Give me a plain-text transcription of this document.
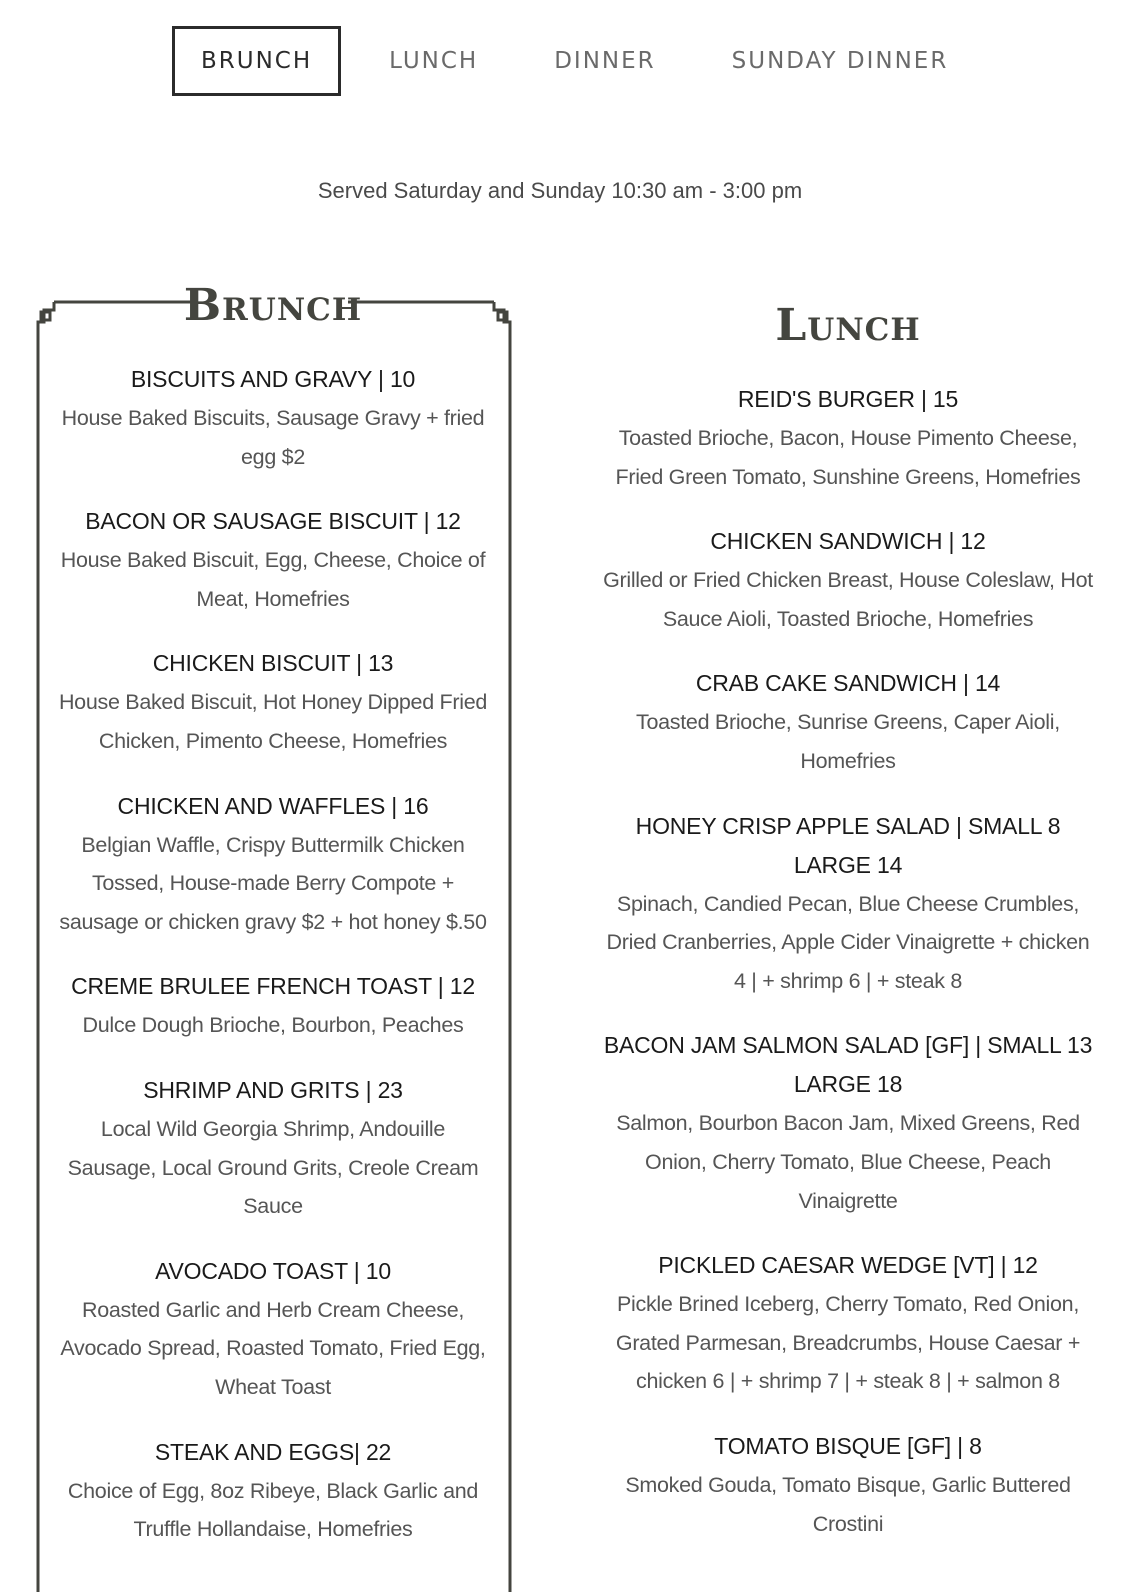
BRUNCH	LUNCH	DINNER	SUNDAY DINNER
Served Saturday and Sunday 10:30 am - 3:00 pm
Brunch
BISCUITS AND GRAVY | 10
House Baked Biscuits, Sausage Gravy + fried egg $2
BACON OR SAUSAGE BISCUIT | 12
House Baked Biscuit, Egg, Cheese, Choice of Meat, Homefries
CHICKEN BISCUIT | 13
House Baked Biscuit, Hot Honey Dipped Fried Chicken, Pimento Cheese, Homefries
CHICKEN AND WAFFLES | 16
Belgian Waffle, Crispy Buttermilk Chicken Tossed, House-made Berry Compote + sausage or chicken gravy $2 + hot honey $.50
CREME BRULEE FRENCH TOAST | 12
Dulce Dough Brioche, Bourbon, Peaches
SHRIMP AND GRITS | 23
Local Wild Georgia Shrimp, Andouille Sausage, Local Ground Grits, Creole Cream Sauce
AVOCADO TOAST | 10
Roasted Garlic and Herb Cream Cheese, Avocado Spread, Roasted Tomato, Fried Egg, Wheat Toast
STEAK AND EGGS| 22
Choice of Egg, 8oz Ribeye, Black Garlic and Truffle Hollandaise, Homefries
Lunch
REID'S BURGER | 15
Toasted Brioche, Bacon, House Pimento Cheese, Fried Green Tomato, Sunshine Greens, Homefries
CHICKEN SANDWICH | 12
Grilled or Fried Chicken Breast, House Coleslaw, Hot Sauce Aioli, Toasted Brioche, Homefries
CRAB CAKE SANDWICH | 14
Toasted Brioche, Sunrise Greens, Caper Aioli, Homefries
HONEY CRISP APPLE SALAD | SMALL 8 LARGE 14
Spinach, Candied Pecan, Blue Cheese Crumbles, Dried Cranberries, Apple Cider Vinaigrette + chicken 4 | + shrimp 6 | + steak 8
BACON JAM SALMON SALAD [GF] | SMALL 13 LARGE 18
Salmon, Bourbon Bacon Jam, Mixed Greens, Red Onion, Cherry Tomato, Blue Cheese, Peach Vinaigrette
PICKLED CAESAR WEDGE [VT] | 12
Pickle Brined Iceberg, Cherry Tomato, Red Onion, Grated Parmesan, Breadcrumbs, House Caesar + chicken 6 | + shrimp 7 | + steak 8 | + salmon 8
TOMATO BISQUE [GF] | 8
Smoked Gouda, Tomato Bisque, Garlic Buttered Crostini
